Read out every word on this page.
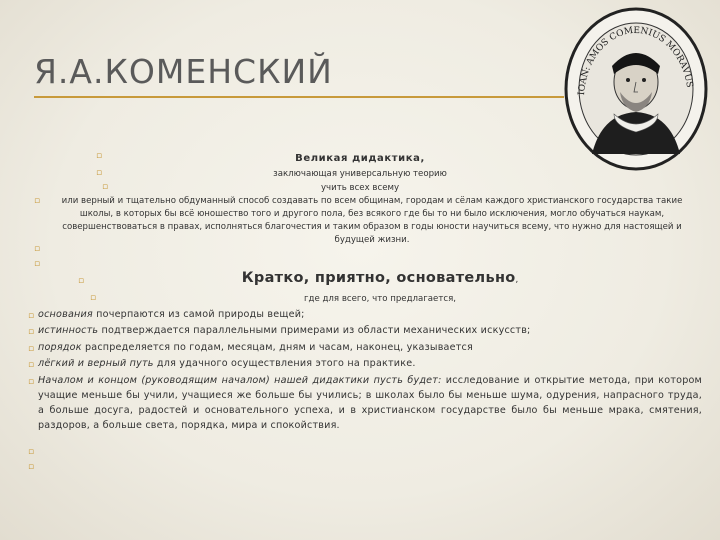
Я.А.КОМЕНСКИЙ
IOAN: AMOS COMENIUS MORAVUS
▫	Великая дидактика,
▫	заключающая универсальную теорию
▫	учить всех всему
▫	или верный и тщательно обдуманный способ создавать по всем общинам, городам и сёлам каждого христианского государства такие школы, в которых бы всё юношество того и другого пола, без всякого где бы то ни было исключения, могло обучаться наукам, совершенствоваться в правах, исполняться благочестия и таким образом в годы юности научиться всему, что нужно для настоящей и будущей жизни.
▫
▫
▫	Кратко, приятно, основательно,
▫	где для всего, что предлагается,
▫ основания почерпаются из самой природы вещей;
▫ истинность подтверждается параллельными примерами из области механических искусств;
▫ порядок распределяется по годам, месяцам, дням и часам, наконец, указывается
▫ лёгкий и верный путь для удачного осуществления этого на практике.
▫ Началом и концом (руководящим началом) нашей дидактики пусть будет: исследование и открытие метода, при котором учащие меньше бы учили, учащиеся же больше бы учились; в школах было бы меньше шума, одурения, напрасного труда, а больше досуга, радостей и основательного успеха, и в христианском государстве было бы меньше мрака, смятения, раздоров, а больше света, порядка, мира и спокойствия.
▫
▫
